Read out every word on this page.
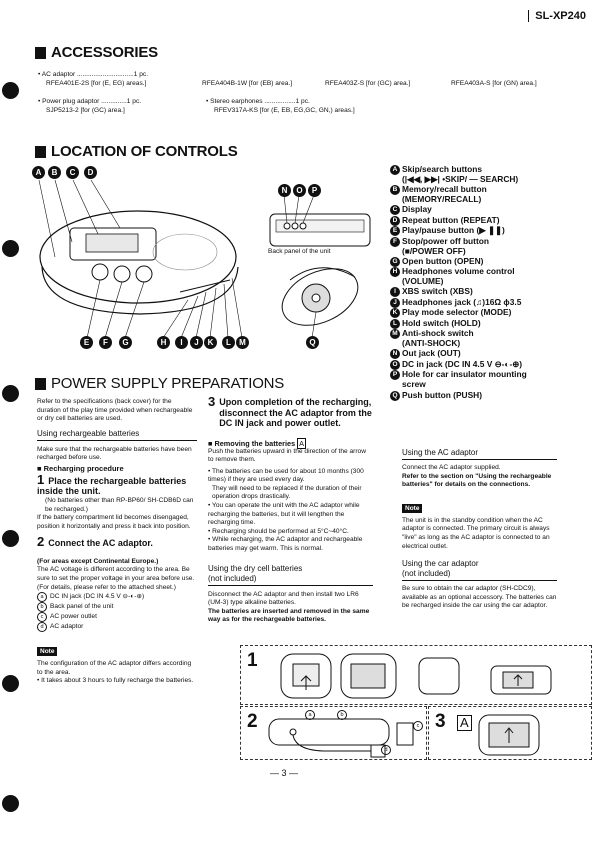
SL-XP240
ACCESSORIES
• AC adaptor ...............................1 pc.
RFEA401E-2S [for (E, EG) areas.]	RFEA404B-1W [for (EB) area.]	RFEA403Z-S [for (GC) area.]	RFEA403A-S [for (GN) area.]
• Power plug adaptor ..............1 pc.
SJP5213-2 [for (GC) area.]
• Stereo earphones .................1 pc.
RFEV317A-KS [for (E, EB, EG,GC, GN,) areas.]
LOCATION OF CONTROLS
A	B	C	D
N	O	P
Back panel of the unit
E	F	G	H	I	J	K	L	M	Q
A Skip/search buttons
(|◀◀, ▶▶| •SKIP/ — SEARCH)
B Memory/recall button
(MEMORY/RECALL)
C Display
D Repeat button (REPEAT)
E Play/pause button (▶ ❚❚)
F Stop/power off button
(■/POWER OFF)
G Open button (OPEN)
H Headphones volume control
(VOLUME)
I XBS switch (XBS)
J Headphones jack (♫)16Ω ϕ3.5
K Play mode selector (MODE)
L Hold switch (HOLD)
M Anti-shock switch
(ANTI-SHOCK)
N Out jack (OUT)
O DC in jack (DC IN 4.5 V ⊖-◐-⊕)
P Hole for car insulator mounting
screw
Q Push button (PUSH)
POWER SUPPLY PREPARATIONS
Refer to the specifications (back cover) for the duration of the play time provided when rechargeable or dry cell batteries are used.
Using rechargeable batteries
Make sure that the rechargeable batteries have been recharged before use.
■ Recharging procedure
1 Place the rechargeable batteries inside the unit.
(No batteries other than RP-BP60/ SH-CDB6D can be recharged.)
If the battery compartment lid becomes disengaged, position it horizontally and press it back into position.
2 Connect the AC adaptor.
(For areas except Continental Europe.)
The AC voltage is different according to the area. Be sure to set the proper voltage in your area before use.
(For details, please refer to the attached sheet.)
a DC IN jack (DC IN 4.5 V ⊖-◐-⊕)
b Back panel of the unit
c AC power outlet
d AC adaptor
Note
The configuration of the AC adaptor differs according to the area.
• It takes about 3 hours to fully recharge the batteries.
3 Upon completion of the recharging, disconnect the AC adaptor from the DC IN jack and power outlet.
■ Removing the batteries A
Push the batteries upward in the direction of the arrow to remove them.
• The batteries can be used for about 10 months (300 times) if they are used every day.
They will need to be replaced if the duration of their operation drops drastically.
• You can operate the unit with the AC adaptor while recharging the batteries, but it will lengthen the recharging time.
• Recharging should be performed at 5°C~40°C.
• While recharging, the AC adaptor and rechargeable batteries may get warm. This is normal.
Using the dry cell batteries
(not included)
Disconnect the AC adaptor and then install two LR6 (UM-3) type alkaline batteries.
The batteries are inserted and removed in the same way as for the rechargeable batteries.
Using the AC adaptor
Connect the AC adaptor supplied.
Refer to the section on "Using the rechargeable batteries" for details on the connections.
Note
The unit is in the standby condition when the AC adaptor is connected. The primary circuit is always "live" as long as the AC adaptor is connected to an electrical outlet.
Using the car adaptor
(not included)
Be sure to obtain the car adaptor (SH-CDC9), available as an optional accessory. The batteries can be recharged inside the car using the car adaptor.
1
2	a	b
c
d
3 A
— 3 —
